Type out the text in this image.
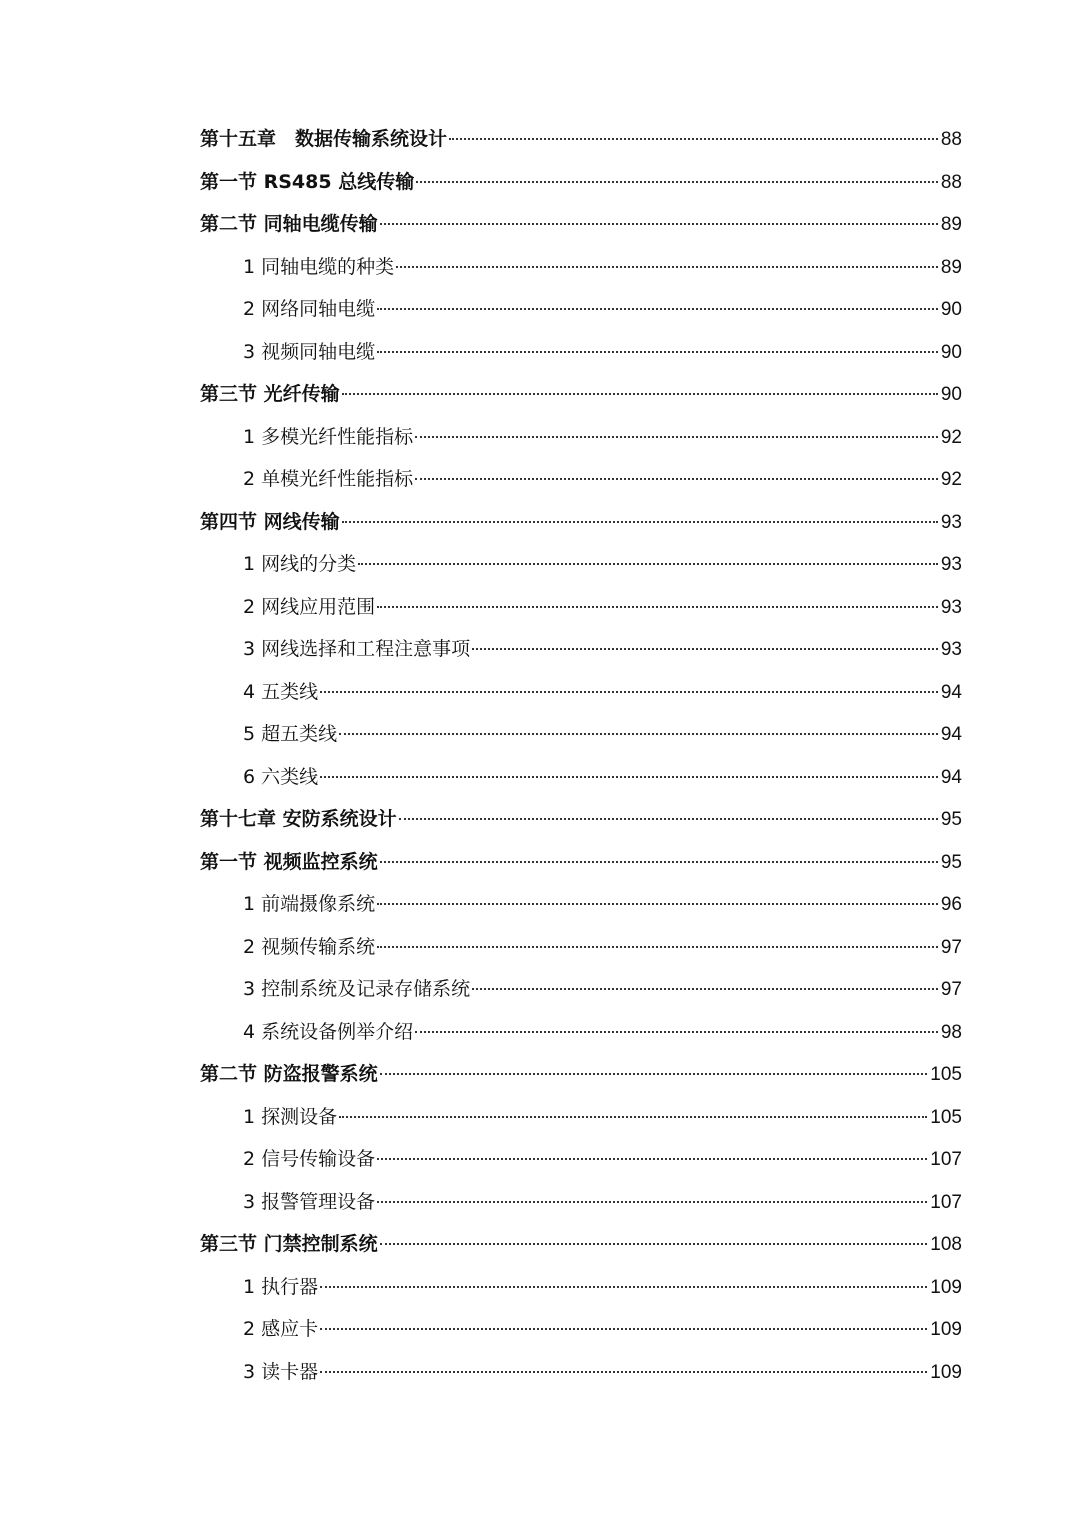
第十五章　数据传输系统设计	88
第一节 RS485 总线传输	88
第二节 同轴电缆传输	89
1 同轴电缆的种类	89
2 网络同轴电缆	90
3 视频同轴电缆	90
第三节 光纤传输	90
1 多模光纤性能指标	92
2 单模光纤性能指标	92
第四节 网线传输	93
1 网线的分类	93
2 网线应用范围	93
3 网线选择和工程注意事项	93
4 五类线	94
5 超五类线	94
6 六类线	94
第十七章 安防系统设计	95
第一节 视频监控系统	95
1 前端摄像系统	96
2 视频传输系统	97
3 控制系统及记录存储系统	97
4 系统设备例举介绍	98
第二节 防盗报警系统	105
1 探测设备	105
2 信号传输设备	107
3 报警管理设备	107
第三节 门禁控制系统	108
1 执行器	109
2 感应卡	109
3 读卡器	109
